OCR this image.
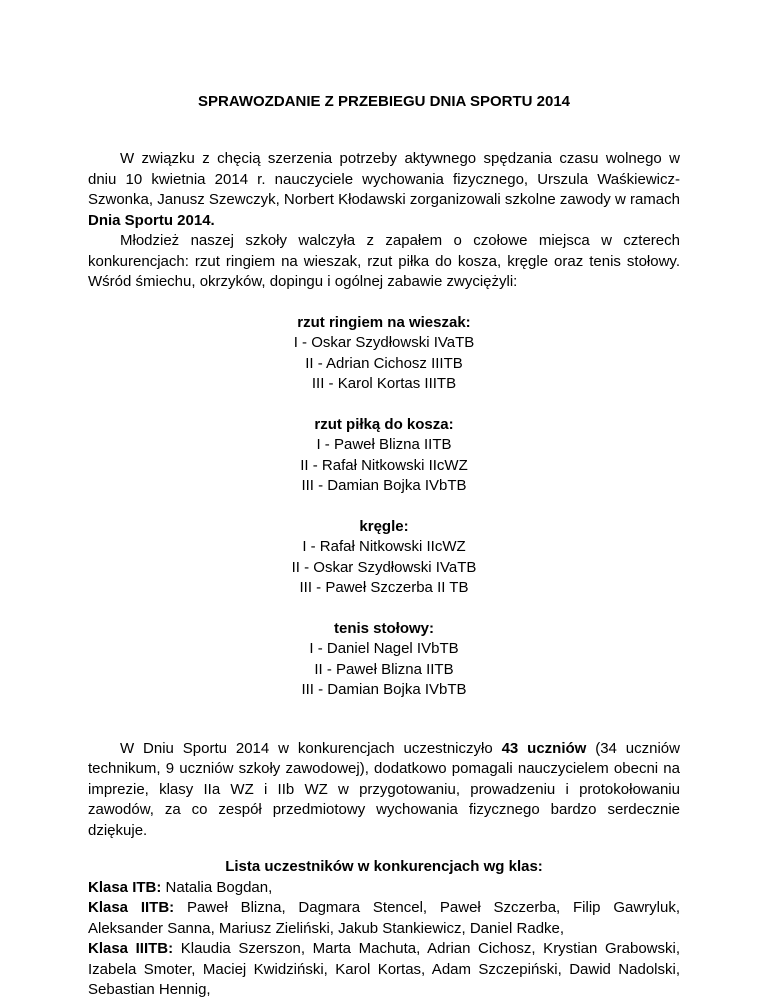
SPRAWOZDANIE Z PRZEBIEGU DNIA SPORTU 2014

W związku z chęcią szerzenia potrzeby aktywnego spędzania czasu wolnego w dniu 10 kwietnia 2014 r. nauczyciele wychowania fizycznego, Urszula Waśkiewicz-Szwonka, Janusz Szewczyk, Norbert Kłodawski zorganizowali szkolne zawody w ramach Dnia Sportu 2014.

Młodzież naszej szkoły walczyła z zapałem o czołowe miejsca w czterech konkurencjach: rzut ringiem na wieszak, rzut piłka do kosza, kręgle oraz tenis stołowy. Wśród śmiechu, okrzyków, dopingu i ogólnej zabawie zwyciężyli:

rzut ringiem na wieszak:
I - Oskar Szydłowski IVaTB
II - Adrian Cichosz IIITB
III - Karol Kortas IIITB
rzut piłką do kosza:
I - Paweł Blizna IITB
II - Rafał Nitkowski IIcWZ
III - Damian Bojka IVbTB
kręgle:
I - Rafał Nitkowski IIcWZ
II - Oskar Szydłowski IVaTB
III - Paweł Szczerba II TB
tenis stołowy:
I - Daniel Nagel IVbTB
II - Paweł Blizna IITB
III - Damian Bojka IVbTB

W Dniu Sportu 2014 w konkurencjach uczestniczyło 43 uczniów (34 uczniów technikum, 9 uczniów szkoły zawodowej), dodatkowo pomagali nauczycielem obecni na imprezie, klasy IIa WZ i IIb WZ w przygotowaniu, prowadzeniu i protokołowaniu zawodów, za co zespół przedmiotowy wychowania fizycznego bardzo serdecznie dziękuje.

Lista uczestników w konkurencjach wg klas:

Klasa ITB: Natalia Bogdan,

Klasa IITB: Paweł Blizna, Dagmara Stencel, Paweł Szczerba, Filip Gawryluk, Aleksander Sanna, Mariusz Zieliński, Jakub Stankiewicz, Daniel Radke,

Klasa IIITB: Klaudia Szerszon, Marta Machuta, Adrian Cichosz, Krystian Grabowski, Izabela Smoter, Maciej Kwidziński, Karol Kortas, Adam Szczepiński, Dawid Nadolski, Sebastian Hennig,
